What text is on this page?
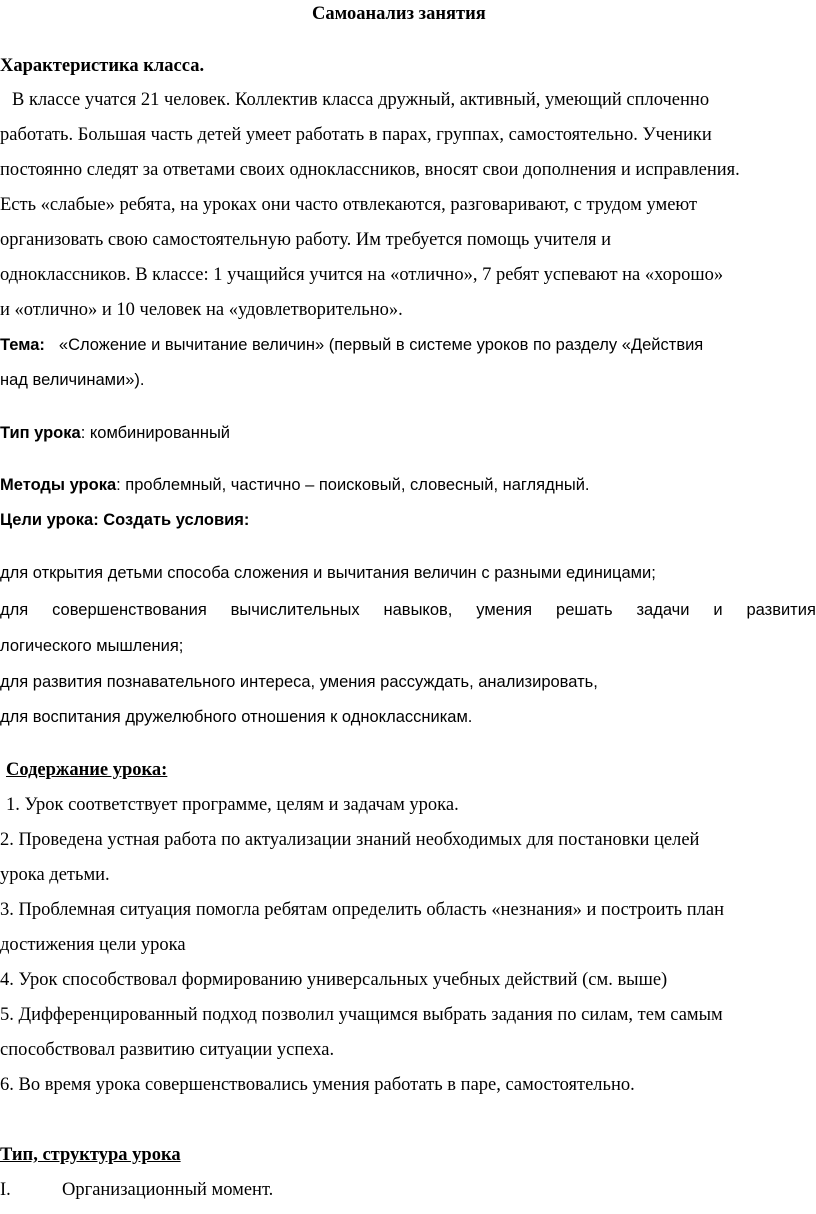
Самоанализ занятия
Характеристика класса.
В классе учатся 21 человек. Коллектив класса дружный, активный, умеющий сплоченно
работать. Большая часть детей умеет работать в парах, группах, самостоятельно. Ученики
постоянно следят за ответами своих одноклассников, вносят свои дополнения и исправления.
Есть «слабые» ребята, на уроках они часто отвлекаются, разговаривают, с трудом умеют
организовать свою самостоятельную работу. Им требуется помощь учителя и
одноклассников. В классе: 1 учащийся учится на «отлично», 7 ребят успевают на «хорошо»
и «отлично» и 10 человек на «удовлетворительно».
Тема: «Сложение и вычитание величин» (первый в системе уроков по разделу «Действия
над величинами»).
Тип урока: комбинированный
Методы урока: проблемный, частично – поисковый, словесный, наглядный.
Цели урока: Создать условия:
для открытия детьми способа сложения и вычитания величин с разными единицами;
для совершенствования вычислительных навыков, умения решать задачи и развития
логического мышления;
для развития познавательного интереса, умения рассуждать, анализировать,
для воспитания дружелюбного отношения к одноклассникам.
Содержание урока:
1. Урок соответствует программе, целям и задачам урока.
2. Проведена устная работа по актуализации знаний необходимых для постановки целей
урока детьми.
3. Проблемная ситуация помогла ребятам определить область «незнания» и построить план
достижения цели урока
4. Урок способствовал формированию универсальных учебных действий (см. выше)
5. Дифференцированный подход позволил учащимся выбрать задания по силам, тем самым
способствовал развитию ситуации успеха.
6. Во время урока совершенствовались умения работать в паре, самостоятельно.
Тип, структура урока
I.	Организационный момент.
